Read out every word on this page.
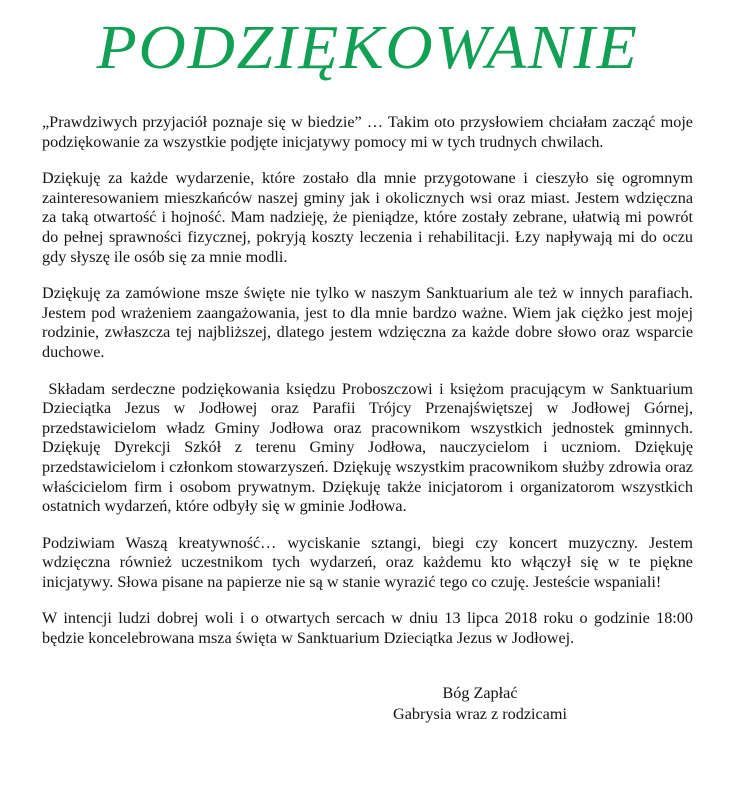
PODZIĘKOWANIE

„Prawdziwych przyjaciół poznaje się w biedzie” … Takim oto przysłowiem chciałam zacząć moje podziękowanie za wszystkie podjęte inicjatywy pomocy mi w tych trudnych chwilach.

Dziękuję za każde wydarzenie, które zostało dla mnie przygotowane i cieszyło się ogromnym zainteresowaniem mieszkańców naszej gminy jak i okolicznych wsi oraz miast. Jestem wdzięczna za taką otwartość i hojność. Mam nadzieję, że pieniądze, które zostały zebrane, ułatwią mi powrót do pełnej sprawności fizycznej, pokryją koszty leczenia i rehabilitacji. Łzy napływają mi do oczu gdy słyszę ile osób się za mnie modli.

Dziękuję za zamówione msze święte nie tylko w naszym Sanktuarium ale też w innych parafiach. Jestem pod wrażeniem zaangażowania, jest to dla mnie bardzo ważne. Wiem jak ciężko jest mojej rodzinie, zwłaszcza tej najbliższej, dlatego jestem wdzięczna za każde dobre słowo oraz wsparcie duchowe.

Składam serdeczne podziękowania księdzu Proboszczowi i księżom pracującym w Sanktuarium Dzieciątka Jezus w Jodłowej oraz Parafii Trójcy Przenajświętszej w Jodłowej Górnej, przedstawicielom władz Gminy Jodłowa oraz pracownikom wszystkich jednostek gminnych. Dziękuję Dyrekcji Szkół z terenu Gminy Jodłowa, nauczycielom i uczniom. Dziękuję przedstawicielom i członkom stowarzyszeń. Dziękuję wszystkim pracownikom służby zdrowia oraz właścicielom firm i osobom prywatnym. Dziękuję także inicjatorom i organizatorom wszystkich ostatnich wydarzeń, które odbyły się w gminie Jodłowa.

Podziwiam Waszą kreatywność… wyciskanie sztangi, biegi czy koncert muzyczny. Jestem wdzięczna również uczestnikom tych wydarzeń, oraz każdemu kto włączył się w te piękne inicjatywy. Słowa pisane na papierze nie są w stanie wyrazić tego co czuję. Jesteście wspaniali!

W intencji ludzi dobrej woli i o otwartych sercach w dniu 13 lipca 2018 roku o godzinie 18:00 będzie koncelebrowana msza święta w Sanktuarium Dzieciątka Jezus w Jodłowej.

Bóg Zapłać
Gabrysia wraz z rodzicami
